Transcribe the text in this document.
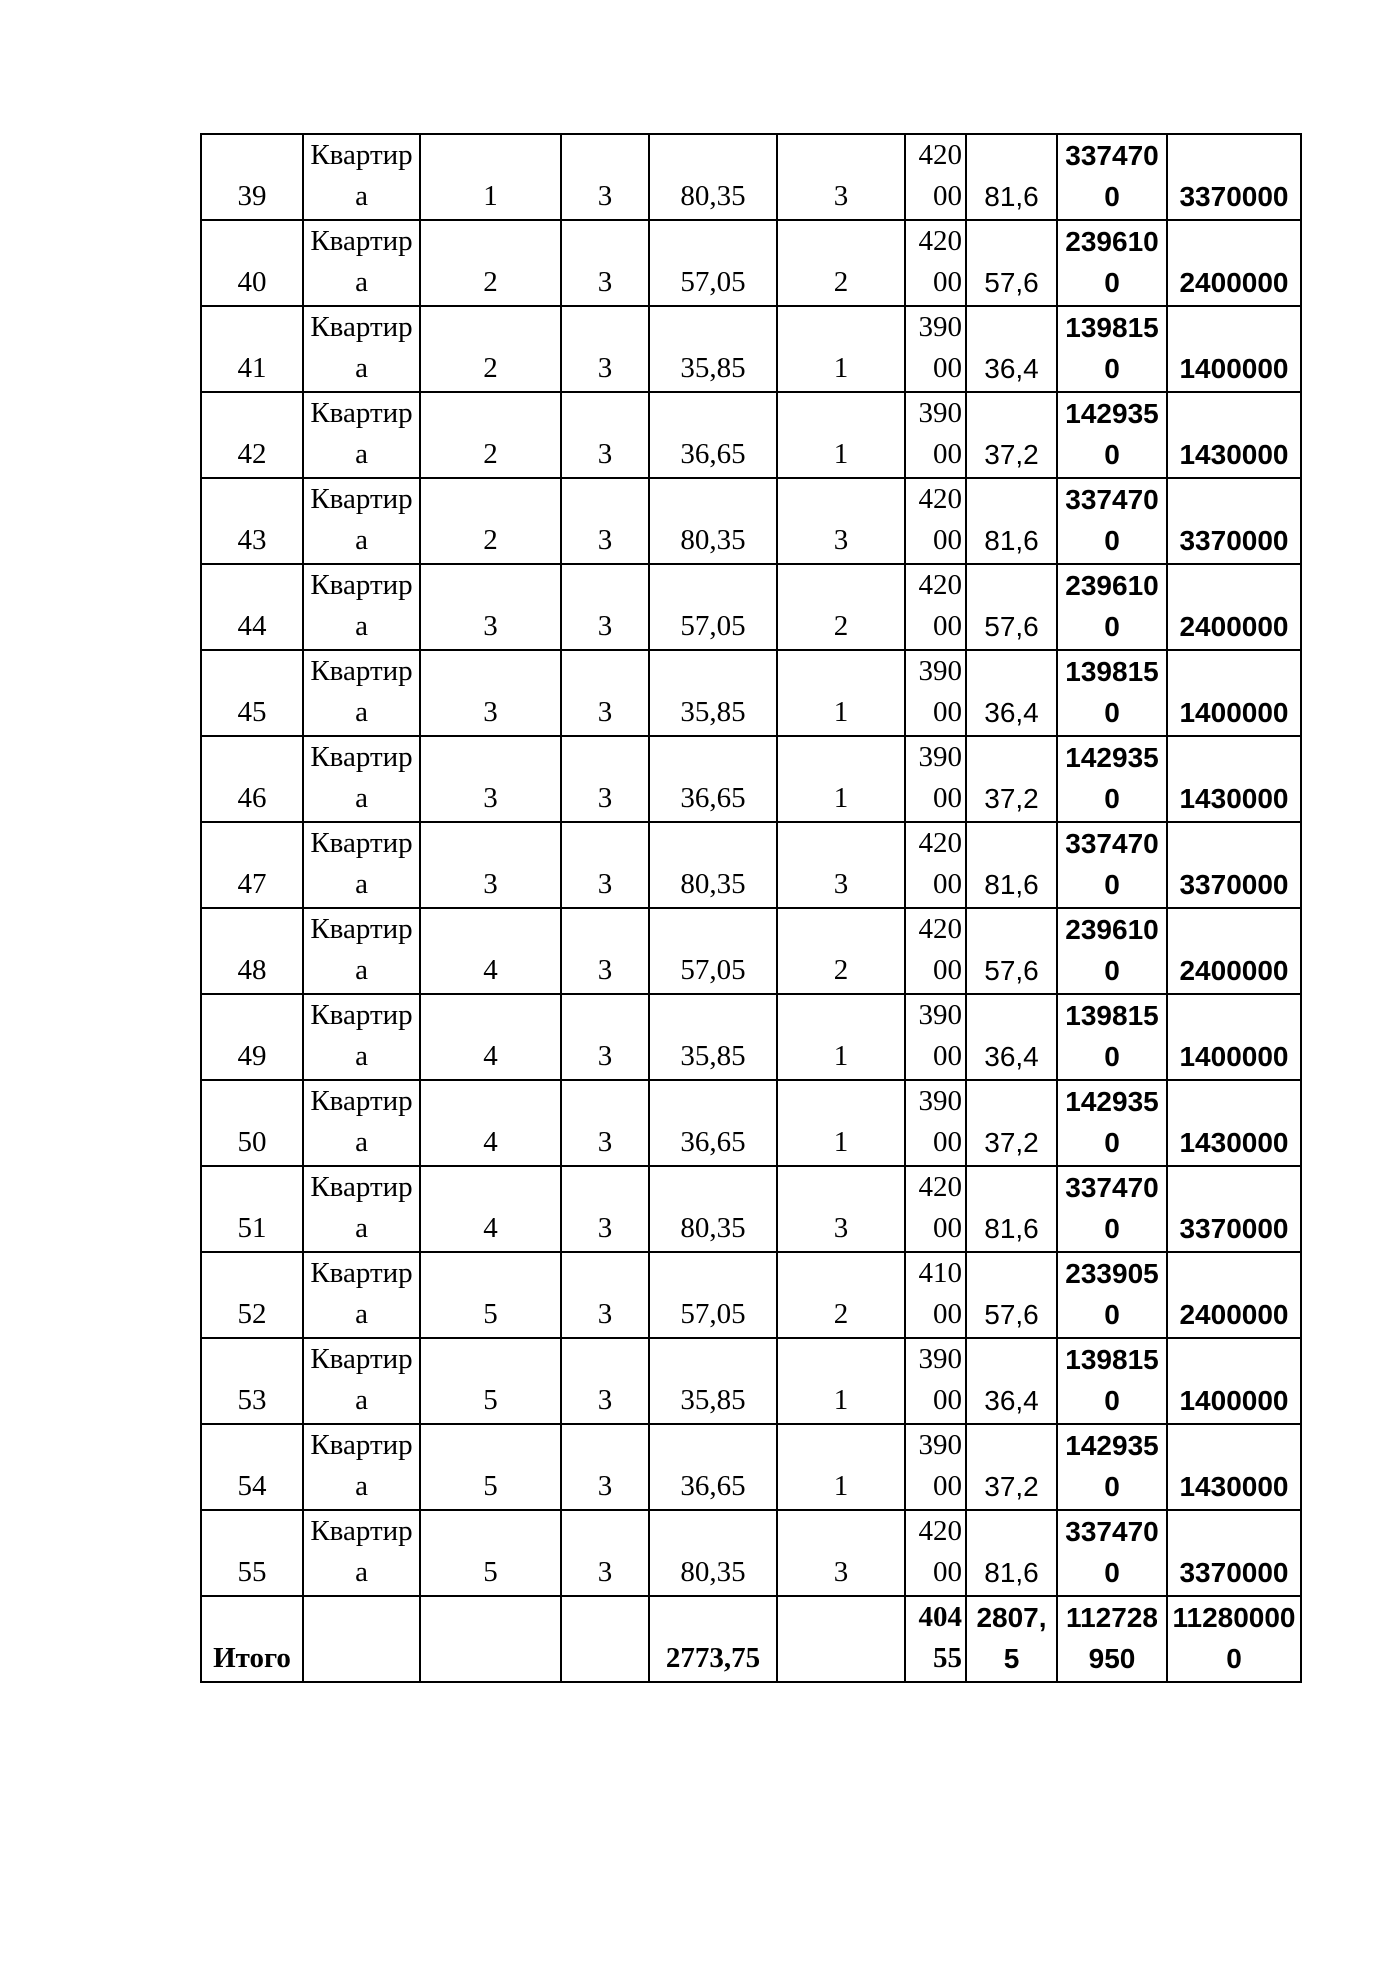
39	Квартира	1	3	80,35	3	42000	81,6	3374700	3370000
40	Квартира	2	3	57,05	2	42000	57,6	2396100	2400000
41	Квартира	2	3	35,85	1	39000	36,4	1398150	1400000
42	Квартира	2	3	36,65	1	39000	37,2	1429350	1430000
43	Квартира	2	3	80,35	3	42000	81,6	3374700	3370000
44	Квартира	3	3	57,05	2	42000	57,6	2396100	2400000
45	Квартира	3	3	35,85	1	39000	36,4	1398150	1400000
46	Квартира	3	3	36,65	1	39000	37,2	1429350	1430000
47	Квартира	3	3	80,35	3	42000	81,6	3374700	3370000
48	Квартира	4	3	57,05	2	42000	57,6	2396100	2400000
49	Квартира	4	3	35,85	1	39000	36,4	1398150	1400000
50	Квартира	4	3	36,65	1	39000	37,2	1429350	1430000
51	Квартира	4	3	80,35	3	42000	81,6	3374700	3370000
52	Квартира	5	3	57,05	2	41000	57,6	2339050	2400000
53	Квартира	5	3	35,85	1	39000	36,4	1398150	1400000
54	Квартира	5	3	36,65	1	39000	37,2	1429350	1430000
55	Квартира	5	3	80,35	3	42000	81,6	3374700	3370000
Итого				2773,75		40455	2807,5	112728950	112800000
